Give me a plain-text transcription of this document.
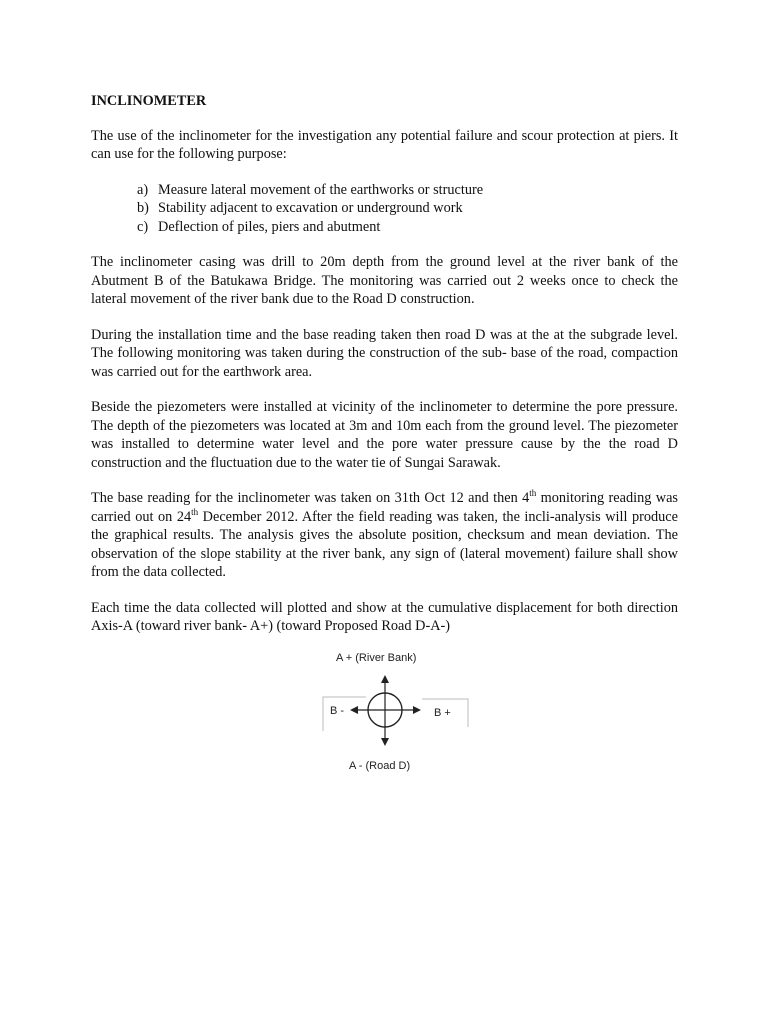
INCLINOMETER

The use of the inclinometer for the investigation any potential failure and scour protection at piers. It can use for the following purpose:

a) Measure lateral movement of the earthworks or structure
b) Stability adjacent to excavation or underground work
c) Deflection of piles, piers and abutment

The inclinometer casing was drill to 20m depth from the ground level at the river bank of the Abutment B of the Batukawa Bridge. The monitoring was carried out 2 weeks once to check the lateral movement of the river bank due to the Road D construction.

During the installation time and the base reading taken then road D was at the at the subgrade level. The following monitoring was taken during the construction of the sub- base of the road, compaction was carried out for the earthwork area.

Beside the piezometers were installed at vicinity of the inclinometer to determine the pore pressure. The depth of the piezometers was located at 3m and 10m each from the ground level. The piezometer was installed to determine water level and the pore water pressure cause by the the road D construction and the fluctuation due to the water tie of Sungai Sarawak.

The base reading for the inclinometer was taken on 31th Oct 12 and then 4th monitoring reading was carried out on 24th December 2012. After the field reading was taken, the incli-analysis will produce the graphical results. The analysis gives the absolute position, checksum and mean deviation. The observation of the slope stability at the river bank, any sign of (lateral movement) failure shall show from the data collected.

Each time the data collected will plotted and show at the cumulative displacement for both direction Axis-A (toward river bank- A+) (toward Proposed Road D-A-)

A + (River Bank)
B -	B +
A - (Road D)
